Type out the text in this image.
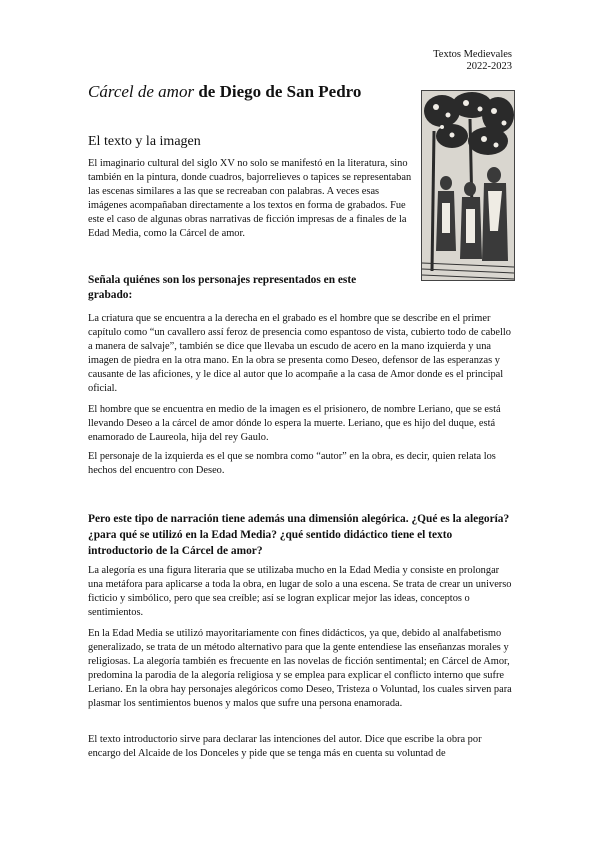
Textos Medievales
2022-2023
Cárcel de amor de Diego de San Pedro
El texto y la imagen

El imaginario cultural del siglo XV no solo se manifestó en la literatura, sino también en la pintura, donde cuadros, bajorrelieves o tapices se representaban las escenas similares a las que se recreaban con palabras. A veces esas imágenes acompañaban directamente a los textos en forma de grabados. Fue este el caso de algunas obras narrativas de ficción impresas de a finales de la Edad Media, como la Cárcel de amor.

Señala quiénes son los personajes representados en este grabado:

La criatura que se encuentra a la derecha en el grabado es el hombre que se describe en el primer capítulo como “un cavallero assí feroz de presencia como espantoso de vista, cubierto todo de cabello a manera de salvaje”, también se dice que llevaba un escudo de acero en la mano izquierda y una imagen de piedra en la otra mano. En la obra se presenta como Deseo, defensor de las esperanzas y causante de las aficiones, y le dice al autor que lo acompañe a la casa de Amor donde es el principal oficial.

El hombre que se encuentra en medio de la imagen es el prisionero, de nombre Leriano, que se está llevando Deseo a la cárcel de amor dónde lo espera la muerte. Leriano, que es hijo del duque, está enamorado de Laureola, hija del rey Gaulo.

El personaje de la izquierda es el que se nombra como “autor” en la obra, es decir, quien relata los hechos del encuentro con Deseo.

Pero este tipo de narración tiene además una dimensión alegórica. ¿Qué es la alegoría? ¿para qué se utilizó en la Edad Media? ¿qué sentido didáctico tiene el texto introductorio de la Cárcel de amor?

La alegoría es una figura literaria que se utilizaba mucho en la Edad Media y consiste en prolongar una metáfora para aplicarse a toda la obra, en lugar de solo a una escena. Se trata de crear un universo ficticio y simbólico, pero que sea creíble; así se logran explicar mejor las ideas, conceptos o sentimientos.

En la Edad Media se utilizó mayoritariamente con fines didácticos, ya que, debido al analfabetismo generalizado, se trata de un método alternativo para que la gente entendiese las enseñanzas morales y religiosas. La alegoría también es frecuente en las novelas de ficción sentimental; en Cárcel de Amor, predomina la parodia de la alegoría religiosa y se emplea para explicar el conflicto interno que sufre Leriano. En la obra hay personajes alegóricos como Deseo, Tristeza o Voluntad, los cuales sirven para plasmar los sentimientos buenos y malos que sufre una persona enamorada.

El texto introductorio sirve para declarar las intenciones del autor. Dice que escribe la obra por encargo del Alcaide de los Donceles y pide que se tenga más en cuenta su voluntad de
